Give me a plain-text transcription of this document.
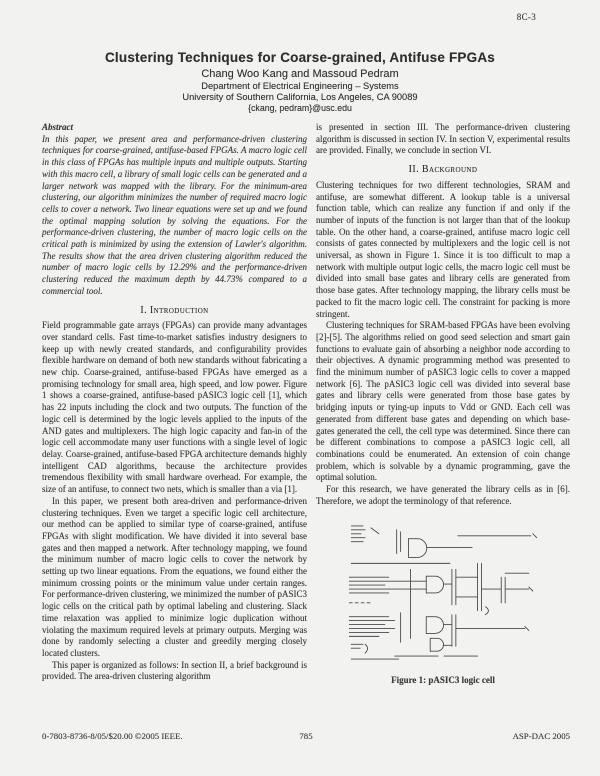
8C-3
Clustering Techniques for Coarse-grained, Antifuse FPGAs
Chang Woo Kang and Massoud Pedram
Department of Electrical Engineering – Systems
University of Southern California, Los Angeles, CA 90089
{ckang, pedram}@usc.edu
Abstract

In this paper, we present area and performance-driven clustering techniques for coarse-grained, antifuse-based FPGAs. A macro logic cell in this class of FPGAs has multiple inputs and multiple outputs. Starting with this macro cell, a library of small logic cells can be generated and a larger network was mapped with the library. For the minimum-area clustering, our algorithm minimizes the number of required macro logic cells to cover a network. Two linear equations were set up and we found the optimal mapping solution by solving the equations. For the performance-driven clustering, the number of macro logic cells on the critical path is minimized by using the extension of Lawler's algorithm. The results show that the area driven clustering algorithm reduced the number of macro logic cells by 12.29% and the performance-driven clustering reduced the maximum depth by 44.73% compared to a commercial tool.

I. Introduction

Field programmable gate arrays (FPGAs) can provide many advantages over standard cells. Fast time-to-market satisfies industry designers to keep up with newly created standards, and configurability provides flexible hardware on demand of both new standards without fabricating a new chip. Coarse-grained, antifuse-based FPGAs have emerged as a promising technology for small area, high speed, and low power. Figure 1 shows a coarse-grained, antifuse-based pASIC3 logic cell [1], which has 22 inputs including the clock and two outputs. The function of the logic cell is determined by the logic levels applied to the inputs of the AND gates and multiplexers. The high logic capacity and fan-in of the logic cell accommodate many user functions with a single level of logic delay. Coarse-grained, antifuse-based FPGA architecture demands highly intelligent CAD algorithms, because the architecture provides tremendous flexibility with small hardware overhead. For example, the size of an antifuse, to connect two nets, which is smaller than a via [1].

In this paper, we present both area-driven and performance-driven clustering techniques. Even we target a specific logic cell architecture, our method can be applied to similar type of coarse-grained, antifuse FPGAs with slight modification. We have divided it into several base gates and then mapped a network. After technology mapping, we found the minimum number of macro logic cells to cover the network by setting up two linear equations. From the equations, we found either the minimum crossing points or the minimum value under certain ranges. For performance-driven clustering, we minimized the number of pASIC3 logic cells on the critical path by optimal labeling and clustering. Slack time relaxation was applied to minimize logic duplication without violating the maximum required levels at primary outputs. Merging was done by randomly selecting a cluster and greedily merging closely located clusters.

This paper is organized as follows: In section II, a brief background is provided. The area-driven clustering algorithm

is presented in section III. The performance-driven clustering algorithm is discussed in section IV. In section V, experimental results are provided. Finally, we conclude in section VI.

II. Background

Clustering techniques for two different technologies, SRAM and antifuse, are somewhat different. A lookup table is a universal function table, which can realize any function if and only if the number of inputs of the function is not larger than that of the lookup table. On the other hand, a coarse-grained, antifuse macro logic cell consists of gates connected by multiplexers and the logic cell is not universal, as shown in Figure 1. Since it is too difficult to map a network with multiple output logic cells, the macro logic cell must be divided into small base gates and library cells are generated from those base gates. After technology mapping, the library cells must be packed to fit the macro logic cell. The constraint for packing is more stringent.

Clustering techniques for SRAM-based FPGAs have been evolving [2]-[5]. The algorithms relied on good seed selection and smart gain functions to evaluate gain of absorbing a neighbor node according to their objectives. A dynamic programming method was presented to find the minimum number of pASIC3 logic cells to cover a mapped network [6]. The pASIC3 logic cell was divided into several base gates and library cells were generated from those base gates by bridging inputs or tying-up inputs to Vdd or GND. Each cell was generated from different base gates and depending on which base-gates generated the cell, the cell type was determined. Since there can be different combinations to compose a pASIC3 logic cell, all combinations could be enumerated. An extension of coin change problem, which is solvable by a dynamic programming, gave the optimal solution.

For this research, we have generated the library cells as in [6]. Therefore, we adopt the terminology of that reference.

Figure 1: pASIC3 logic cell
0-7803-8736-8/05/$20.00 ©2005 IEEE.	785	ASP-DAC 2005
